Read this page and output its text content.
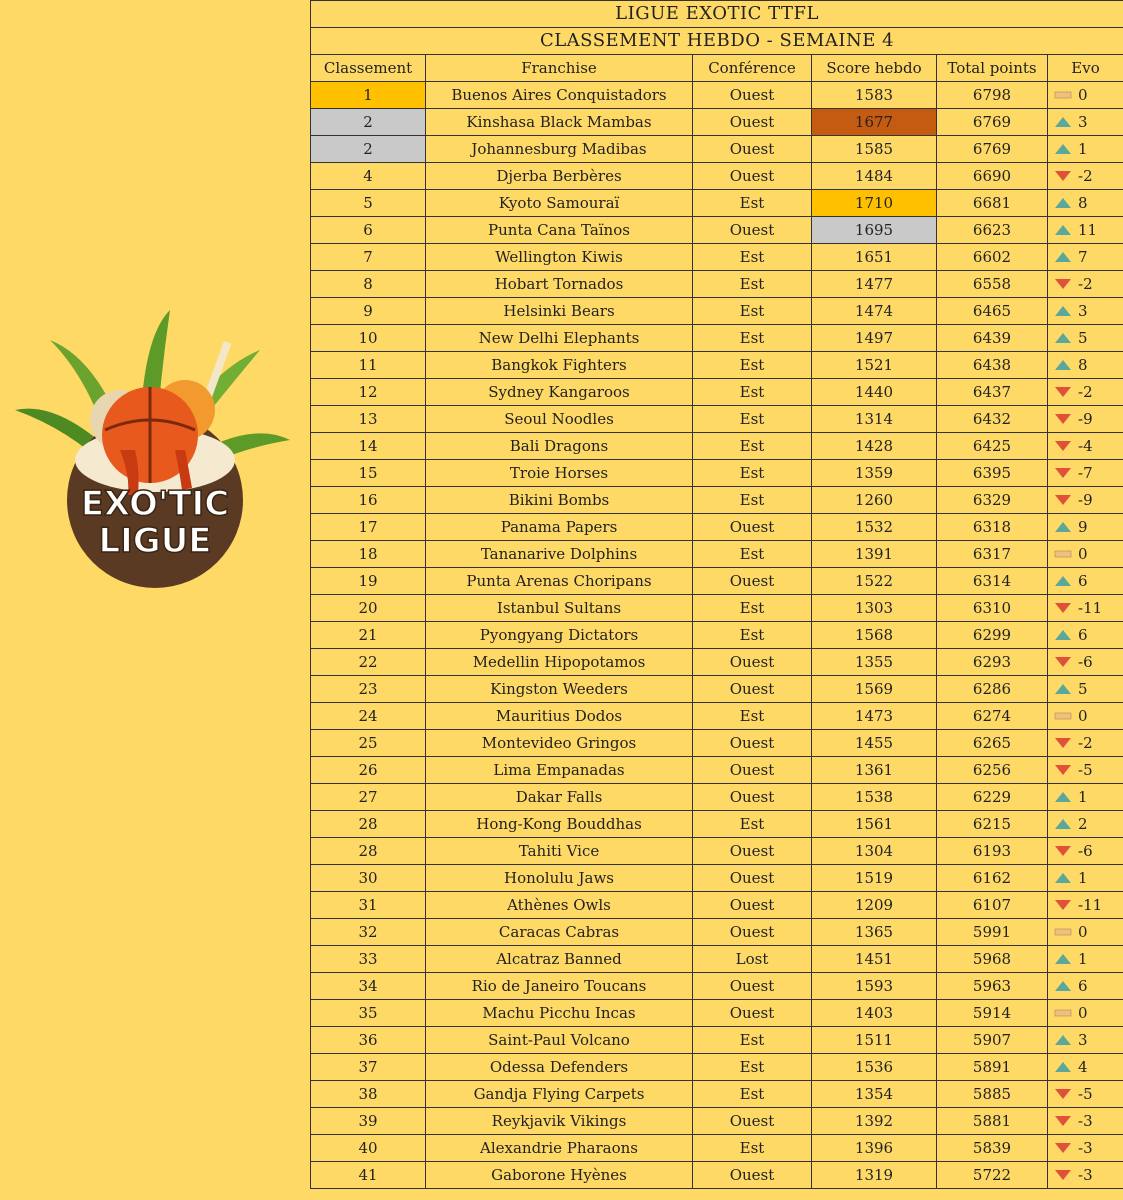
EXO'TIC
LIGUE
LIGUE EXOTIC TTFL					
CLASSEMENT HEBDO - SEMAINE 4					
Classement	Franchise	Conférence	Score hebdo	Total points	Evo
1	Buenos Aires Conquistadors	Ouest	1583	6798	0

2	Kinshasa Black Mambas	Ouest	1677	6769	3

2	Johannesburg Madibas	Ouest	1585	6769	1

4	Djerba Berbères	Ouest	1484	6690	-2

5	Kyoto Samouraï	Est	1710	6681	8

6	Punta Cana Taïnos	Ouest	1695	6623	11

7	Wellington Kiwis	Est	1651	6602	7

8	Hobart Tornados	Est	1477	6558	-2

9	Helsinki Bears	Est	1474	6465	3

10	New Delhi Elephants	Est	1497	6439	5

11	Bangkok Fighters	Est	1521	6438	8

12	Sydney Kangaroos	Est	1440	6437	-2

13	Seoul Noodles	Est	1314	6432	-9

14	Bali Dragons	Est	1428	6425	-4

15	Troie Horses	Est	1359	6395	-7

16	Bikini Bombs	Est	1260	6329	-9

17	Panama Papers	Ouest	1532	6318	9

18	Tananarive Dolphins	Est	1391	6317	0

19	Punta Arenas Choripans	Ouest	1522	6314	6

20	Istanbul Sultans	Est	1303	6310	-11

21	Pyongyang Dictators	Est	1568	6299	6

22	Medellin Hipopotamos	Ouest	1355	6293	-6

23	Kingston Weeders	Ouest	1569	6286	5

24	Mauritius Dodos	Est	1473	6274	0

25	Montevideo Gringos	Ouest	1455	6265	-2

26	Lima Empanadas	Ouest	1361	6256	-5

27	Dakar Falls	Ouest	1538	6229	1

28	Hong-Kong Bouddhas	Est	1561	6215	2

28	Tahiti Vice	Ouest	1304	6193	-6

30	Honolulu Jaws	Ouest	1519	6162	1

31	Athènes Owls	Ouest	1209	6107	-11

32	Caracas Cabras	Ouest	1365	5991	0

33	Alcatraz Banned	Lost	1451	5968	1

34	Rio de Janeiro Toucans	Ouest	1593	5963	6

35	Machu Picchu Incas	Ouest	1403	5914	0

36	Saint-Paul Volcano	Est	1511	5907	3

37	Odessa Defenders	Est	1536	5891	4

38	Gandja Flying Carpets	Est	1354	5885	-5

39	Reykjavik Vikings	Ouest	1392	5881	-3

40	Alexandrie Pharaons	Est	1396	5839	-3

41	Gaborone Hyènes	Ouest	1319	5722	-3
